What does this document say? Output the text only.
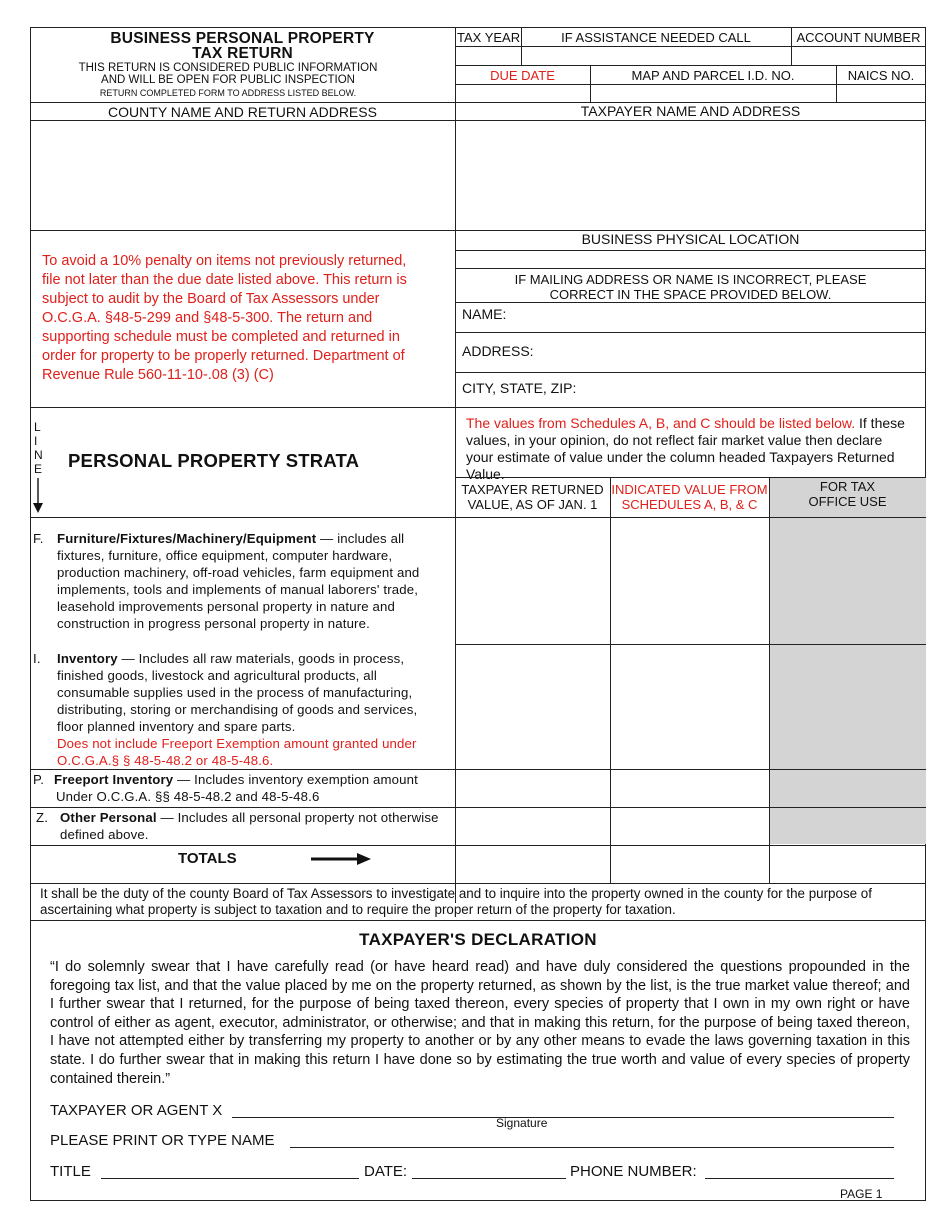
BUSINESS PERSONAL PROPERTY
TAX RETURN
THIS RETURN IS CONSIDERED PUBLIC INFORMATION
AND WILL BE OPEN FOR PUBLIC INSPECTION
RETURN COMPLETED FORM TO ADDRESS LISTED BELOW.
TAX YEAR	IF ASSISTANCE NEEDED CALL	ACCOUNT NUMBER
DUE DATE	MAP AND PARCEL I.D. NO.	NAICS NO.
COUNTY NAME AND RETURN ADDRESS	TAXPAYER NAME AND ADDRESS
BUSINESS PHYSICAL LOCATION
IF MAILING ADDRESS OR NAME IS INCORRECT, PLEASE
CORRECT IN THE SPACE PROVIDED BELOW.
NAME:
ADDRESS:
CITY, STATE, ZIP:
To avoid a 10% penalty on items not previously returned,
file not later than the due date listed above. This return is
subject to audit by the Board of Tax Assessors under
O.C.G.A. §48-5-299 and §48-5-300. The return and
supporting schedule must be completed and returned in
order for property to be properly returned. Department of
Revenue Rule 560-11-10-.08 (3) (C)
L
I
N
E PERSONAL PROPERTY STRATA
The values from Schedules A, B, and C should be listed below. If these
values, in your opinion, do not reflect fair market value then declare
your estimate of value under the column headed Taxpayers Returned Value.
TAXPAYER RETURNED
VALUE, AS OF JAN. 1
INDICATED VALUE FROM
SCHEDULES A, B, & C
FOR TAX
OFFICE USE
F.	Furniture/Fixtures/Machinery/Equipment — includes all
fixtures, furniture, office equipment, computer hardware,
production machinery, off-road vehicles, farm equipment and
implements, tools and implements of manual laborers' trade,
leasehold improvements personal property in nature and
construction in progress personal property in nature.
I.	Inventory — Includes all raw materials, goods in process,
finished goods, livestock and agricultural products, all
consumable supplies used in the process of manufacturing,
distributing, storing or merchandising of goods and services,
floor planned inventory and spare parts.
Does not include Freeport Exemption amount granted under
O.C.G.A.§ § 48-5-48.2 or 48-5-48.6.
P. Freeport Inventory — Includes inventory exemption amount
Under O.C.G.A. §§ 48-5-48.2 and 48-5-48.6
Z. Other Personal — Includes all personal property not otherwise
defined above.
TOTALS
It shall be the duty of the county Board of Tax Assessors to investigate and to inquire into the property owned in the county for the purpose of
ascertaining what property is subject to taxation and to require the proper return of the property for taxation.
TAXPAYER'S DECLARATION
“I do solemnly swear that I have carefully read (or have heard read) and have duly considered the questions propounded in the foregoing tax list, and that the value placed by me on the property returned, as shown by the list, is the true market value thereof; and I further swear that I returned, for the purpose of being taxed thereon, every species of property that I own in my own right or have control of either as agent, executor, administrator, or otherwise; and that in making this return, for the purpose of being taxed thereon, I have not attempted either by transferring my property to another or by any other means to evade the laws governing taxation in this state. I do further swear that in making this return I have done so by estimating the true worth and value of every species of property contained therein.”
TAXPAYER OR AGENT X
Signature
PLEASE PRINT OR TYPE NAME
TITLE	DATE:	PHONE NUMBER:
PAGE 1
